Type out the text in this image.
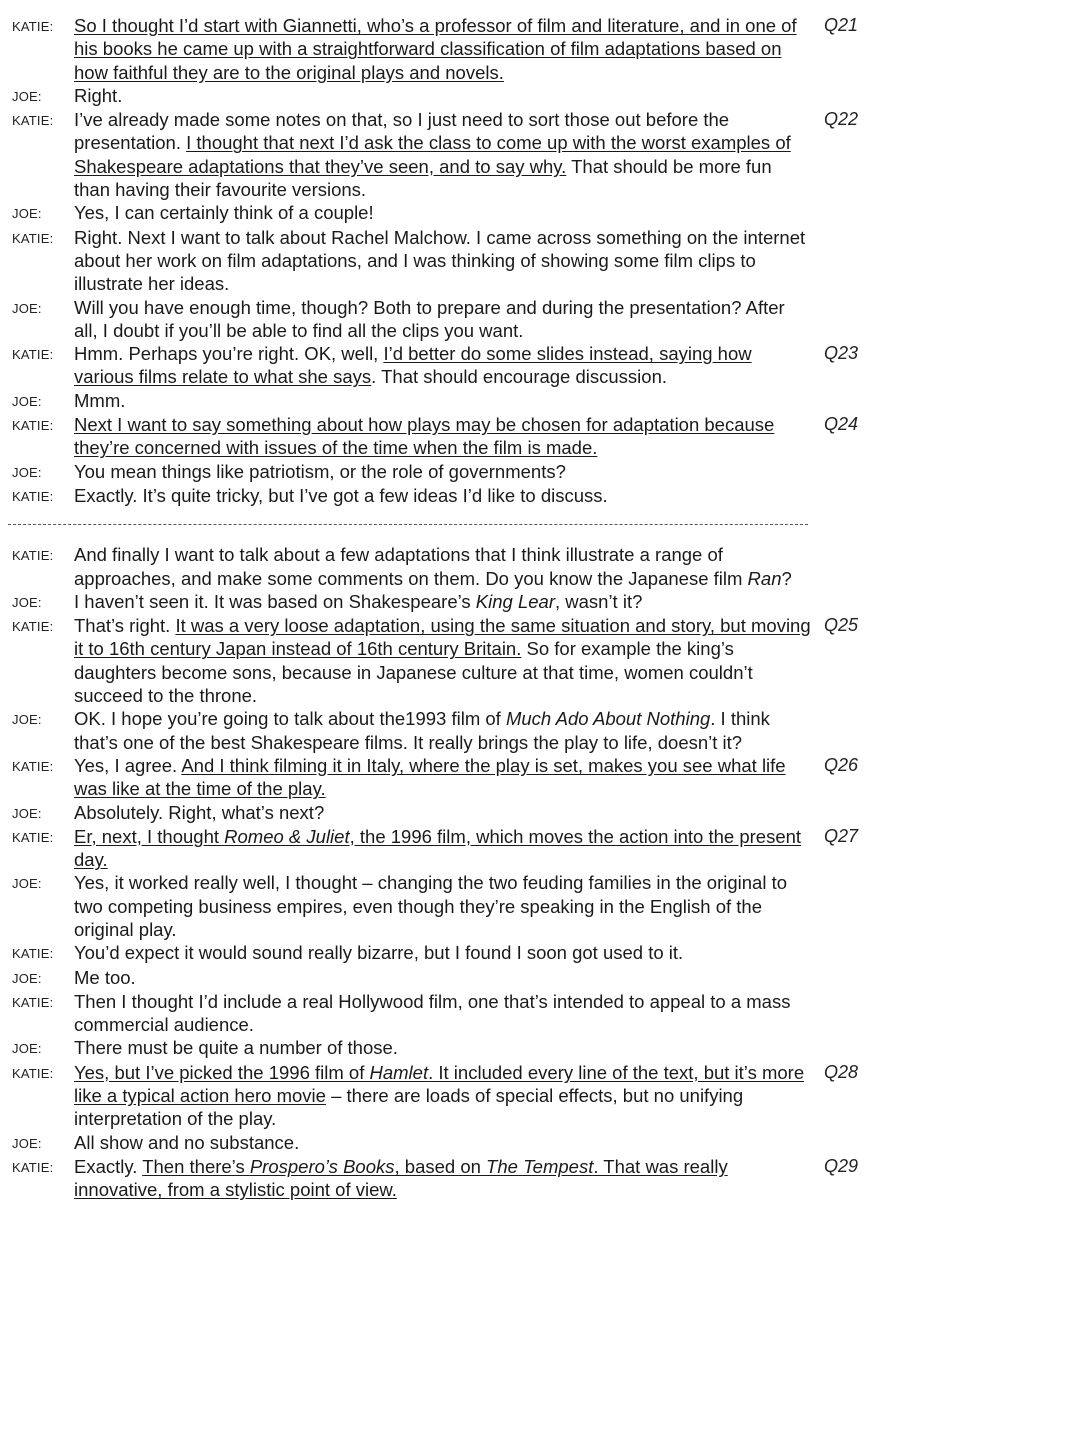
KATIE:	So I thought I’d start with Giannetti, who’s a professor of film and literature, and in one of his books he came up with a straightforward classification of film adaptations based on how faithful they are to the original plays and novels.
Q21
JOE:	Right.
KATIE:	I’ve already made some notes on that, so I just need to sort those out before the presentation. I thought that next I’d ask the class to come up with the worst examples of Shakespeare adaptations that they’ve seen, and to say why. That should be more fun than having their favourite versions.
Q22
JOE:	Yes, I can certainly think of a couple!
KATIE:	Right. Next I want to talk about Rachel Malchow. I came across something on the internet about her work on film adaptations, and I was thinking of showing some film clips to illustrate her ideas.
JOE:	Will you have enough time, though? Both to prepare and during the presentation? After all, I doubt if you’ll be able to find all the clips you want.
KATIE:	Hmm. Perhaps you’re right. OK, well, I’d better do some slides instead, saying how various films relate to what she says. That should encourage discussion.
Q23
JOE:	Mmm.
KATIE:	Next I want to say something about how plays may be chosen for adaptation because they’re concerned with issues of the time when the film is made.
Q24
JOE:	You mean things like patriotism, or the role of governments?
KATIE:	Exactly. It’s quite tricky, but I’ve got a few ideas I’d like to discuss.
KATIE:	And finally I want to talk about a few adaptations that I think illustrate a range of approaches, and make some comments on them. Do you know the Japanese film Ran?
JOE:	I haven’t seen it. It was based on Shakespeare’s King Lear, wasn’t it?
KATIE:	That’s right. It was a very loose adaptation, using the same situation and story, but moving it to 16th century Japan instead of 16th century Britain. So for example the king’s daughters become sons, because in Japanese culture at that time, women couldn’t succeed to the throne.
Q25
JOE:	OK. I hope you’re going to talk about the1993 film of Much Ado About Nothing. I think that’s one of the best Shakespeare films. It really brings the play to life, doesn’t it?
KATIE:	Yes, I agree. And I think filming it in Italy, where the play is set, makes you see what life was like at the time of the play.
Q26
JOE:	Absolutely. Right, what’s next?
KATIE:	Er, next, I thought Romeo & Juliet, the 1996 film, which moves the action into the present day.
Q27
JOE:	Yes, it worked really well, I thought – changing the two feuding families in the original to two competing business empires, even though they’re speaking in the English of the original play.
KATIE:	You’d expect it would sound really bizarre, but I found I soon got used to it.
JOE:	Me too.
KATIE:	Then I thought I’d include a real Hollywood film, one that’s intended to appeal to a mass commercial audience.
JOE:	There must be quite a number of those.
KATIE:	Yes, but I’ve picked the 1996 film of Hamlet. It included every line of the text, but it’s more like a typical action hero movie – there are loads of special effects, but no unifying interpretation of the play.
Q28
JOE:	All show and no substance.
KATIE:	Exactly. Then there’s Prospero’s Books, based on The Tempest. That was really innovative, from a stylistic point of view.
Q29
